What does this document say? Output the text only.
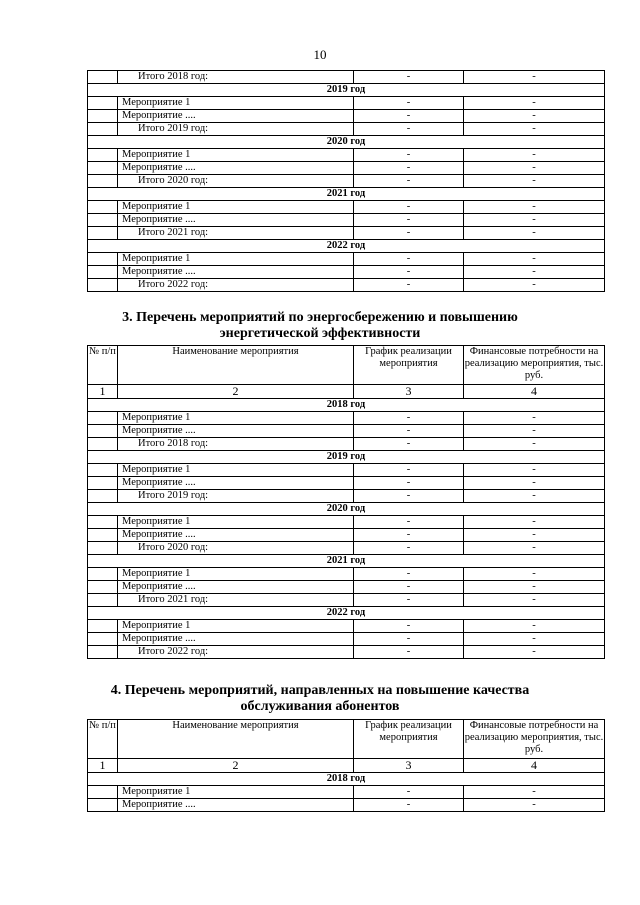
10
	Итого 2018 год:	-	-
2019 год			
	Мероприятие 1	-	-
	Мероприятие ....	-	-
	Итого 2019 год:	-	-
2020 год			
	Мероприятие 1	-	-
	Мероприятие ....	-	-
	Итого 2020 год:	-	-
2021 год			
	Мероприятие 1	-	-
	Мероприятие ....	-	-
	Итого 2021 год:	-	-
2022 год			
	Мероприятие 1	-	-
	Мероприятие ....	-	-
	Итого 2022 год:	-	-
3. Перечень мероприятий по энергосбережению и повышению
энергетической эффективности
№ п/п	Наименование мероприятия	График реализации мероприятия	Финансовые потребности на реализацию мероприятия, тыс. руб.
1	2	3	4
2018 год			
	Мероприятие 1	-	-
	Мероприятие ....	-	-
	Итого 2018 год:	-	-
2019 год			
	Мероприятие 1	-	-
	Мероприятие ....	-	-
	Итого 2019 год:	-	-
2020 год			
	Мероприятие 1	-	-
	Мероприятие ....	-	-
	Итого 2020 год:	-	-
2021 год			
	Мероприятие 1	-	-
	Мероприятие ....	-	-
	Итого 2021 год:	-	-
2022 год			
	Мероприятие 1	-	-
	Мероприятие ....	-	-
	Итого 2022 год:	-	-
4. Перечень мероприятий, направленных на повышение качества
обслуживания абонентов
№ п/п	Наименование мероприятия	График реализации мероприятия	Финансовые потребности на реализацию мероприятия, тыс. руб.
1	2	3	4
2018 год			
	Мероприятие 1	-	-
	Мероприятие ....	-	-
